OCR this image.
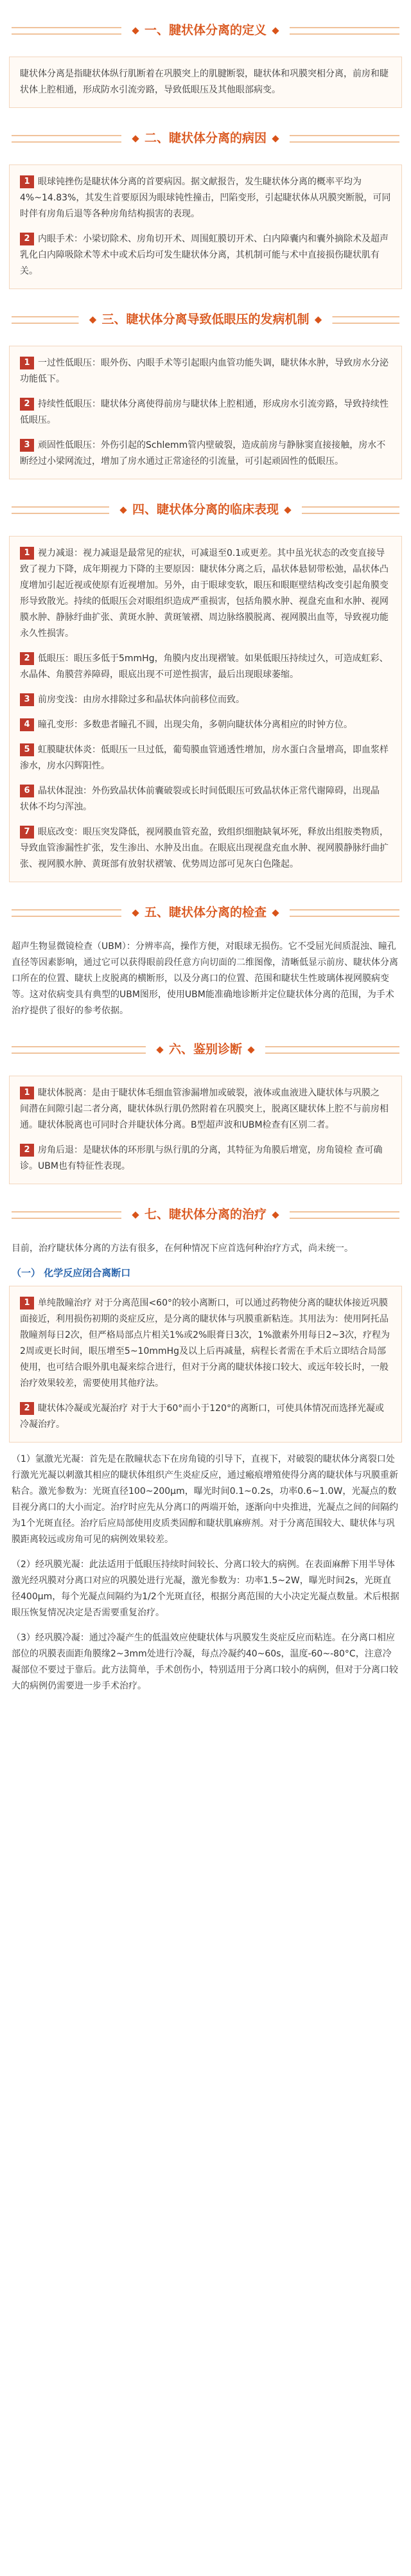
一、腱状体分离的定义
睫状体分离是指睫状体纵行肌断着在巩膜突上的肌腱断裂，睫状体和巩膜突相分离，前房和睫状体上腔相通，形成防水引流旁路，导致低眼压及其他眼部病变。
二、睫状体分离的病因
1 眼球钝挫伤是睫状体分离的首要病因。据文献报告，发生睫状体分离的概率平均为 4%~14.83%，其发生首要原因为眼球钝性撞击，凹陷变形，引起睫状体从巩膜突断脱，可同时伴有房角后退等各种房角结构损害的表现。
2 内眼手术：小梁切除术、房角切开术、周围虹膜切开术、白内障囊内和囊外摘除术及超声乳化白内障吸除术等术中或术后均可发生睫状体分离，其机制可能与术中直接损伤睫状肌有关。
三、睫状体分离导致低眼压的发病机制
1 一过性低眼压：眼外伤、内眼手术等引起眼内血管功能失调，睫状体水肿，导致房水分泌功能低下。
2 持续性低眼压：睫状体分离使得前房与睫状体上腔相通，形成房水引流旁路，导致持续性低眼压。
3 顽固性低眼压：外伤引起的Schlemm管内壁破裂，造成前房与静脉窦直接接触，房水不断经过小梁网流过，增加了房水通过正常途径的引流量，可引起顽固性的低眼压。
四、睫状体分离的临床表现
1 视力减退：视力减退是最常见的症状，可减退至0.1或更差。其中虽光状态的改变直接导致了视力下降，成年期视力下降的主要原因：睫状体分离之后，晶状体悬韧带松弛，晶状体凸度增加引起近视或使原有近视增加。另外，由于眼球变软，眼压和眼眶壁结构改变引起角膜变形导致散光。持续的低眼压会对眼组织造成严重损害，包括角膜水肿、视盘充血和水肿、视网膜水肿、静脉纡曲扩张、黄斑水肿、黄斑皱褶、周边脉络膜脱离、视网膜出血等，导致视功能永久性损害。
2 低眼压：眼压多低于5mmHg，角膜内皮出现褶皱。如果低眼压持续过久，可造成虹彩、水晶体、角膜营养障碍，眼底出现不可逆性损害，最后出现眼球萎缩。
3 前房变浅：由房水排除过多和晶状体向前移位而致。
4 瞳孔变形：多数患者瞳孔不圆，出现尖角，多朝向睫状体分离相应的时钟方位。
5 虹膜睫状体炎：低眼压一旦过低，葡萄膜血管通透性增加，房水蛋白含量增高，即血浆样渗水，房水闪辉阳性。
6 晶状体混浊：外伤致晶状体前囊破裂或长时间低眼压可致晶状体正常代谢障碍，出现晶 状体不均匀浑浊。
7 眼底改变：眼压突发降低，视网膜血管充盈，致组织细胞缺氧坏死，释放出组胺类物质，导致血管渗漏性扩张，发生渗出、水肿及出血。在眼底出现视盘充血水肿、视网膜静脉纡曲扩张、视网膜水肿、黄斑部有放射状褶皱、优势周边部可见灰白色隆起。
五、睫状体分离的检查
超声生物显微镜检查（UBM）：分辨率高，操作方便，对眼球无损伤。它不受屈光间质混浊、瞳孔直径等因素影响，通过它可以获得眼前段任意方向切面的二维图像，清晰低显示前房、睫状体分离口所在的位置、睫状上皮脱离的横断形，以及分离口的位置、范围和睫状生性玻璃体视网膜病变等。这对依病变具有典型的UBM图形，使用UBM能准确地诊断并定位睫状体分离的范围，为手术治疗提供了很好的参考依据。
六、鉴别诊断
1 睫状体脱离：是由于睫状体毛细血管渗漏增加或破裂，液体或血液进入睫状体与巩膜之 间潜在间隙引起二者分离，睫状体纵行肌仍然附着在巩膜突上，脱离区睫状体上腔不与前房相通。睫状体脱离也可同时合并睫状体分离。B型超声波和UBM检查有区别二者。
2 房角后退：是睫状体的环形肌与纵行肌的分离，其特征为角膜后增宽，房角镜检 查可确诊。UBM也有特征性表现。
七、睫状体分离的治疗
目前，治疗睫状体分离的方法有很多，在何种情况下应首选何种治疗方式，尚未统一。
（一） 化学反应闭合离断口
1 单纯散瞳治疗 对于分离范围<60°的较小离断口，可以通过药物使分离的睫状体接近巩膜面接近，利用损伤初期的炎症反应，是分离的睫状体与巩膜重新粘连。其用法为：使用阿托品散瞳剂每日2次，但严格局部点片相关1%或2%眼膏日3次，1%激素外用每日2~3次，疗程为2周或更长时间，眼压增至5~10mmHg及以上后再减量，病程长者需在手术后立即结合局部使用，也可结合眼外肌电凝来综合进行，但对于分离的睫状体接口较大、或远年较长时，一般治疗效果较差，需要使用其他疗法。
2 睫状体冷凝或光凝治疗 对于大于60°而小于120°的离断口，可使具体情况而选择光凝或冷凝治疗。
（1）氩激光光凝：首先是在散瞳状态下在房角镜的引导下，直视下，对破裂的睫状体分离裂口处行激光光凝以刺激其相应的睫状体组织产生炎症反应，通过瘢痕增殖使得分离的睫状体与巩膜重新粘合。激光参数为：光斑直径100~200μm，曝光时间0.1~0.2s，功率0.6~1.0W，光凝点的数目视分离口的大小而定。治疗时应先从分离口的两端开始，逐渐向中央推进，光凝点之间的间隔约为1个光斑直径。治疗后应局部使用皮质类固醇和睫状肌麻痹剂。对于分离范围较大、睫状体与巩膜距离较远或房角可见的病例效果较差。
（2）经巩膜光凝：此法适用于低眼压持续时间较长、分离口较大的病例。在表面麻醉下用半导体激光经巩膜对分离口对应的巩膜处进行光凝，激光参数为：功率1.5~2W，曝光时间2s，光斑直径400μm，每个光凝点间隔约为1/2个光斑直径，根据分离范围的大小决定光凝点数量。术后根据眼压恢复情况决定是否需要重复治疗。
（3）经巩膜冷凝：通过冷凝产生的低温效应使睫状体与巩膜发生炎症反应而粘连。在分离口相应部位的巩膜表面距角膜缘2~3mm处进行冷凝，每点冷凝约40~60s，温度-60~-80°C，注意冷凝部位不要过于靠后。此方法简单，手术创伤小，特别适用于分离口较小的病例，但对于分离口较大的病例仍需要进一步手术治疗。
